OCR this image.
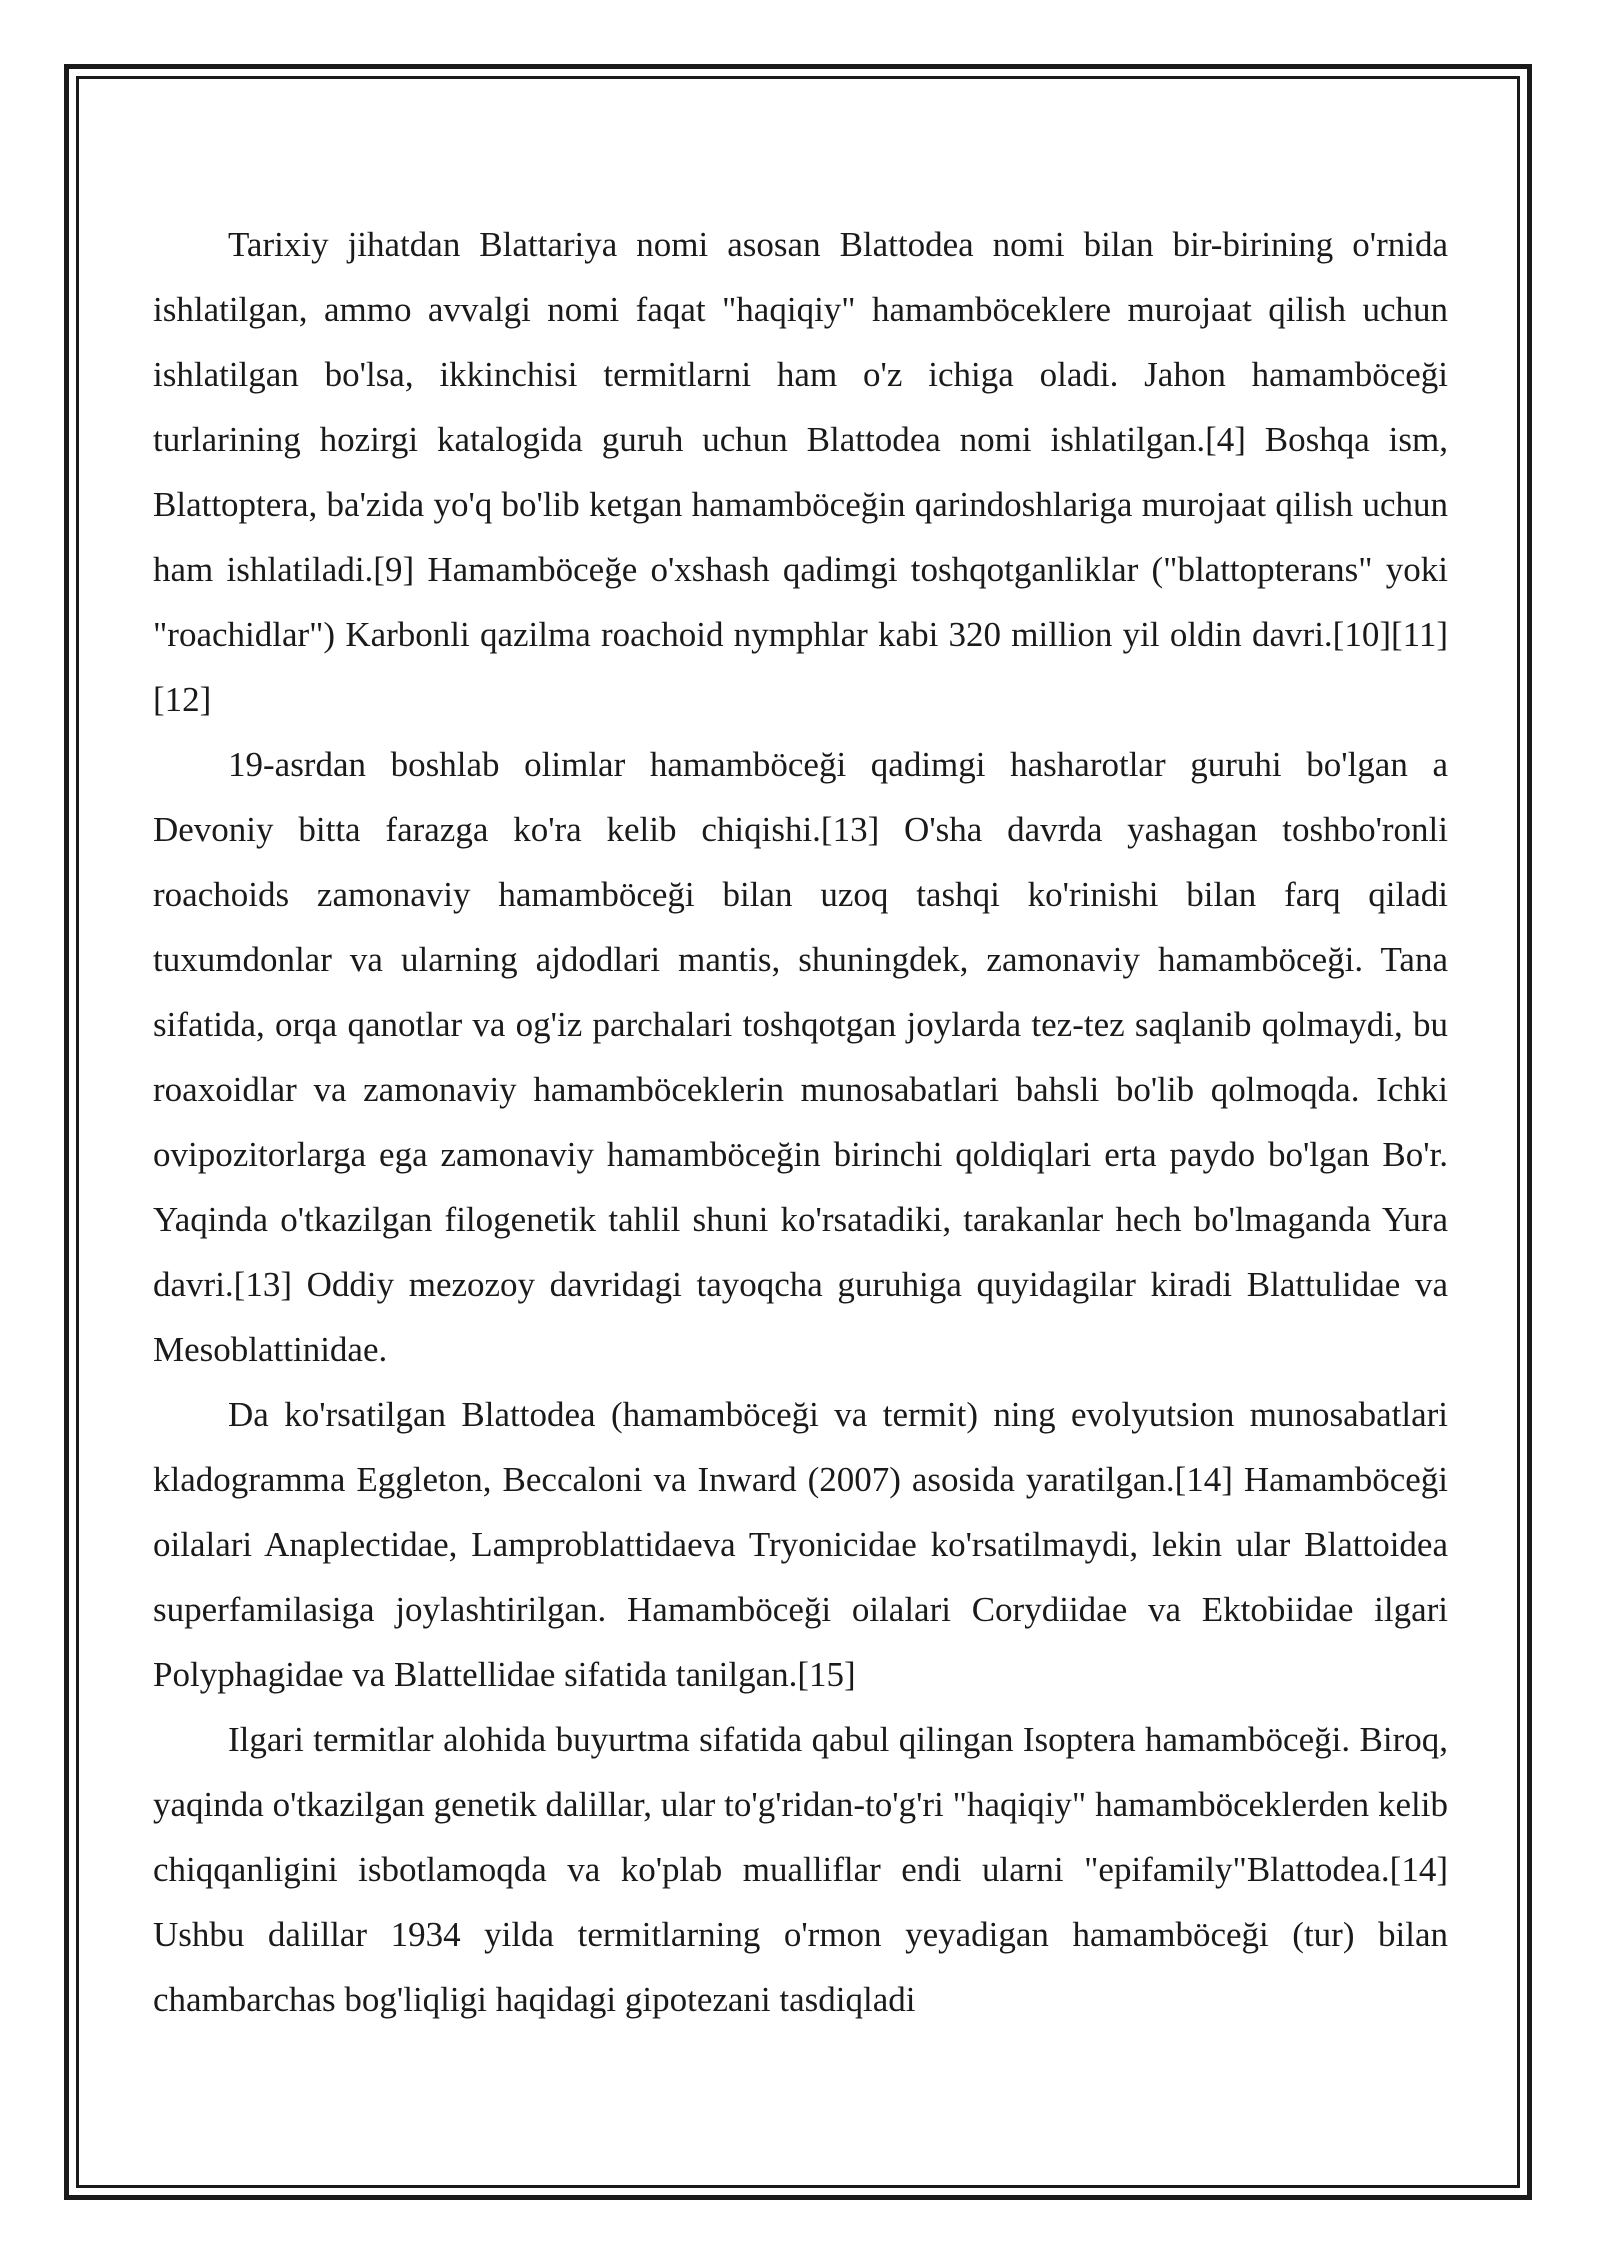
Tarixiy jihatdan Blattariya nomi asosan Blattodea nomi bilan bir-birining o'rnida ishlatilgan, ammo avvalgi nomi faqat "haqiqiy" hamamböceklere murojaat qilish uchun ishlatilgan bo'lsa, ikkinchisi termitlarni ham o'z ichiga oladi. Jahon hamamböceği turlarining hozirgi katalogida guruh uchun Blattodea nomi ishlatilgan.[4] Boshqa ism, Blattoptera, ba'zida yo'q bo'lib ketgan hamamböceğin qarindoshlariga murojaat qilish uchun ham ishlatiladi.[9] Hamamböceğe o'xshash qadimgi toshqotganliklar ("blattopterans" yoki "roachidlar") Karbonli qazilma roachoid nymphlar kabi 320 million yil oldin davri.[10][11][12]

19-asrdan boshlab olimlar hamamböceği qadimgi hasharotlar guruhi bo'lgan a Devoniy bitta farazga ko'ra kelib chiqishi.[13] O'sha davrda yashagan toshbo'ronli roachoids zamonaviy hamamböceği bilan uzoq tashqi ko'rinishi bilan farq qiladi tuxumdonlar va ularning ajdodlari mantis, shuningdek, zamonaviy hamamböceği. Tana sifatida, orqa qanotlar va og'iz parchalari toshqotgan joylarda tez-tez saqlanib qolmaydi, bu roaxoidlar va zamonaviy hamamböceklerin munosabatlari bahsli bo'lib qolmoqda. Ichki ovipozitorlarga ega zamonaviy hamamböceğin birinchi qoldiqlari erta paydo bo'lgan Bo'r. Yaqinda o'tkazilgan filogenetik tahlil shuni ko'rsatadiki, tarakanlar hech bo'lmaganda Yura davri.[13] Oddiy mezozoy davridagi tayoqcha guruhiga quyidagilar kiradi Blattulidae va Mesoblattinidae.

Da ko'rsatilgan Blattodea (hamamböceği va termit) ning evolyutsion munosabatlari kladogramma Eggleton, Beccaloni va Inward (2007) asosida yaratilgan.[14] Hamamböceği oilalari Anaplectidae, Lamproblattidaeva Tryonicidae ko'rsatilmaydi, lekin ular Blattoidea superfamilasiga joylashtirilgan. Hamamböceği oilalari Corydiidae va Ektobiidae ilgari Polyphagidae va Blattellidae sifatida tanilgan.[15]

Ilgari termitlar alohida buyurtma sifatida qabul qilingan Isoptera hamamböceği. Biroq, yaqinda o'tkazilgan genetik dalillar, ular to'g'ridan-to'g'ri "haqiqiy" hamamböceklerden kelib chiqqanligini isbotlamoqda va ko'plab mualliflar endi ularni "epifamily"Blattodea.[14] Ushbu dalillar 1934 yilda termitlarning o'rmon yeyadigan hamamböceği (tur) bilan chambarchas bog'liqligi haqidagi gipotezani tasdiqladi
